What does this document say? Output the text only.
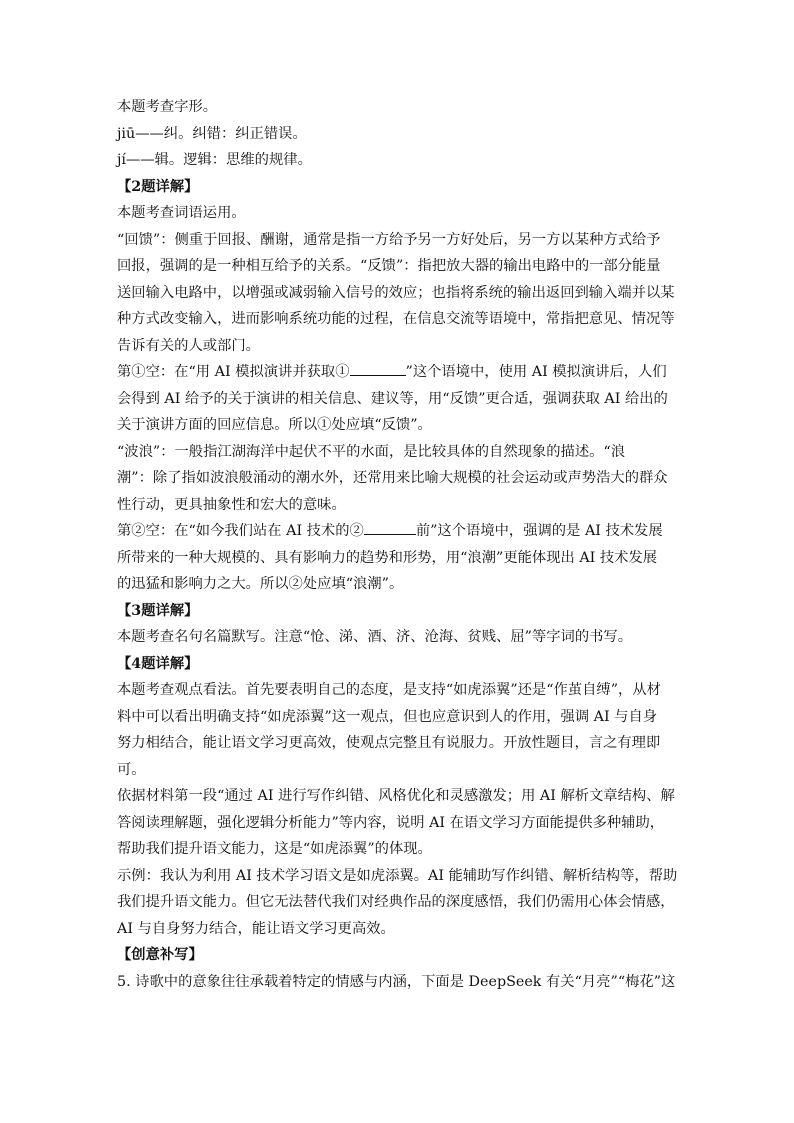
本题考查字形。
jiū——纠。纠错：纠正错误。
jí——辑。逻辑：思维的规律。
【2题详解】
本题考查词语运用。
“回馈”：侧重于回报、酬谢，通常是指一方给予另一方好处后，另一方以某种方式给予
回报，强调的是一种相互给予的关系。“反馈”：指把放大器的输出电路中的一部分能量
送回输入电路中，以增强或减弱输入信号的效应；也指将系统的输出返回到输入端并以某
种方式改变输入，进而影响系统功能的过程，在信息交流等语境中，常指把意见、情况等
告诉有关的人或部门。
第①空：在“用 AI 模拟演讲并获取①	”这个语境中，使用 AI 模拟演讲后，人们
会得到 AI 给予的关于演讲的相关信息、建议等，用“反馈”更合适，强调获取 AI 给出的
关于演讲方面的回应信息。所以①处应填“反馈”。
“波浪”：一般指江湖海洋中起伏不平的水面，是比较具体的自然现象的描述。“浪
潮”：除了指如波浪般涌动的潮水外，还常用来比喻大规模的社会运动或声势浩大的群众
性行动，更具抽象性和宏大的意味。
第②空：在“如今我们站在 AI 技术的②	前”这个语境中，强调的是 AI 技术发展
所带来的一种大规模的、具有影响力的趋势和形势，用“浪潮”更能体现出 AI 技术发展
的迅猛和影响力之大。所以②处应填“浪潮”。
【3题详解】
本题考查名句名篇默写。注意“怆、涕、酒、济、沧海、贫贱、屈”等字词的书写。
【4题详解】
本题考查观点看法。首先要表明自己的态度，是支持“如虎添翼”还是“作茧自缚”，从材
料中可以看出明确支持“如虎添翼”这一观点，但也应意识到人的作用，强调 AI 与自身
努力相结合，能让语文学习更高效，使观点完整且有说服力。开放性题目，言之有理即
可。
依据材料第一段“通过 AI 进行写作纠错、风格优化和灵感激发；用 AI 解析文章结构、解
答阅读理解题，强化逻辑分析能力”等内容，说明 AI 在语文学习方面能提供多种辅助，
帮助我们提升语文能力，这是“如虎添翼”的体现。
示例：我认为利用 AI 技术学习语文是如虎添翼。AI 能辅助写作纠错、解析结构等，帮助
我们提升语文能力。但它无法替代我们对经典作品的深度感悟，我们仍需用心体会情感，
AI 与自身努力结合，能让语文学习更高效。
【创意补写】
5. 诗歌中的意象往往承载着特定的情感与内涵，下面是 DeepSeek 有关“月亮”“梅花”这
